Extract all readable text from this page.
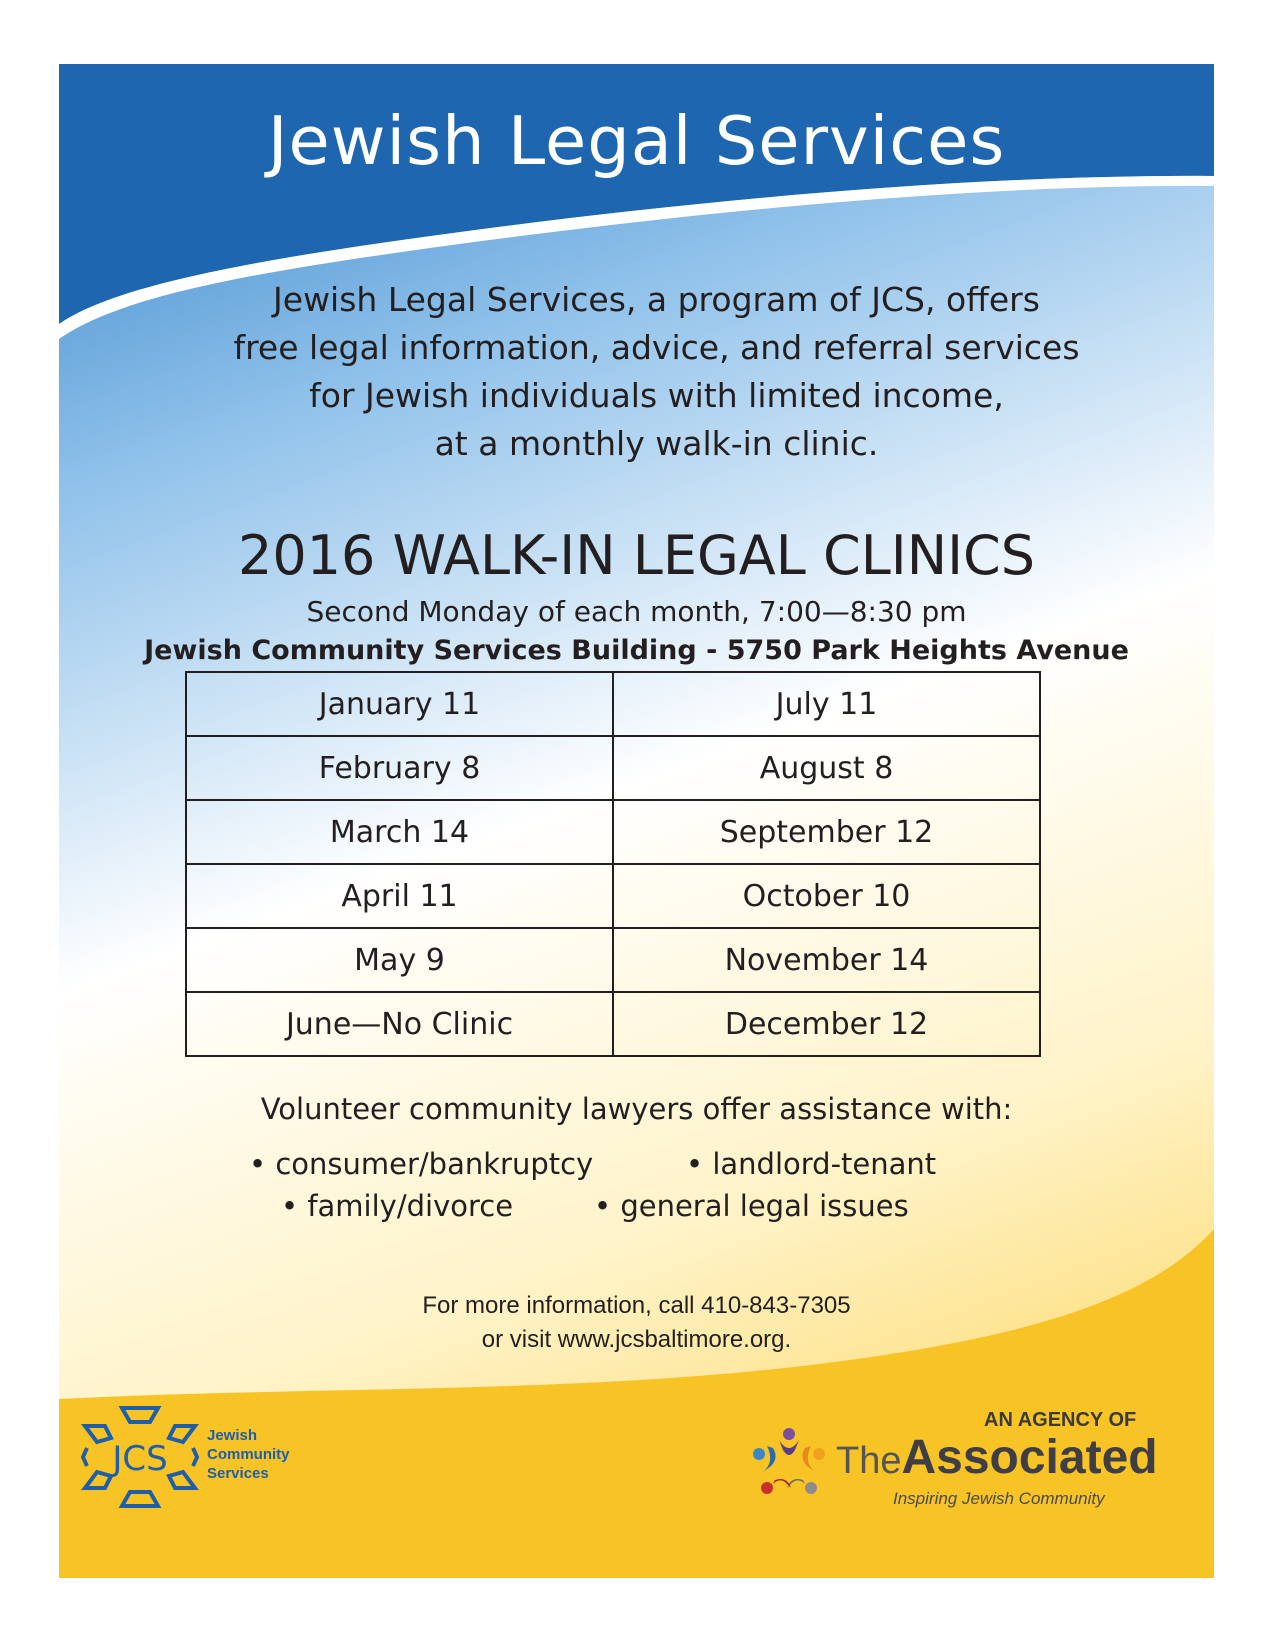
Jewish Legal Services
Jewish Legal Services, a program of JCS, offers
free legal information, advice, and referral services
for Jewish individuals with limited income,
at a monthly walk-in clinic.
2016 WALK-IN LEGAL CLINICS
Second Monday of each month, 7:00—8:30 pm
Jewish Community Services Building - 5750 Park Heights Avenue
January 11	July 11
February 8	August 8
March 14	September 12
April 11	October 10
May 9	November 14
June—No Clinic	December 12
Volunteer community lawyers offer assistance with:
• consumer/bankruptcy	• landlord-tenant
• family/divorce	• general legal issues
For more information, call 410-843-7305
or visit www.jcsbaltimore.org.
JCS
Jewish
Community
Services
AN AGENCY OF
TheAssociated
Inspiring Jewish Community
